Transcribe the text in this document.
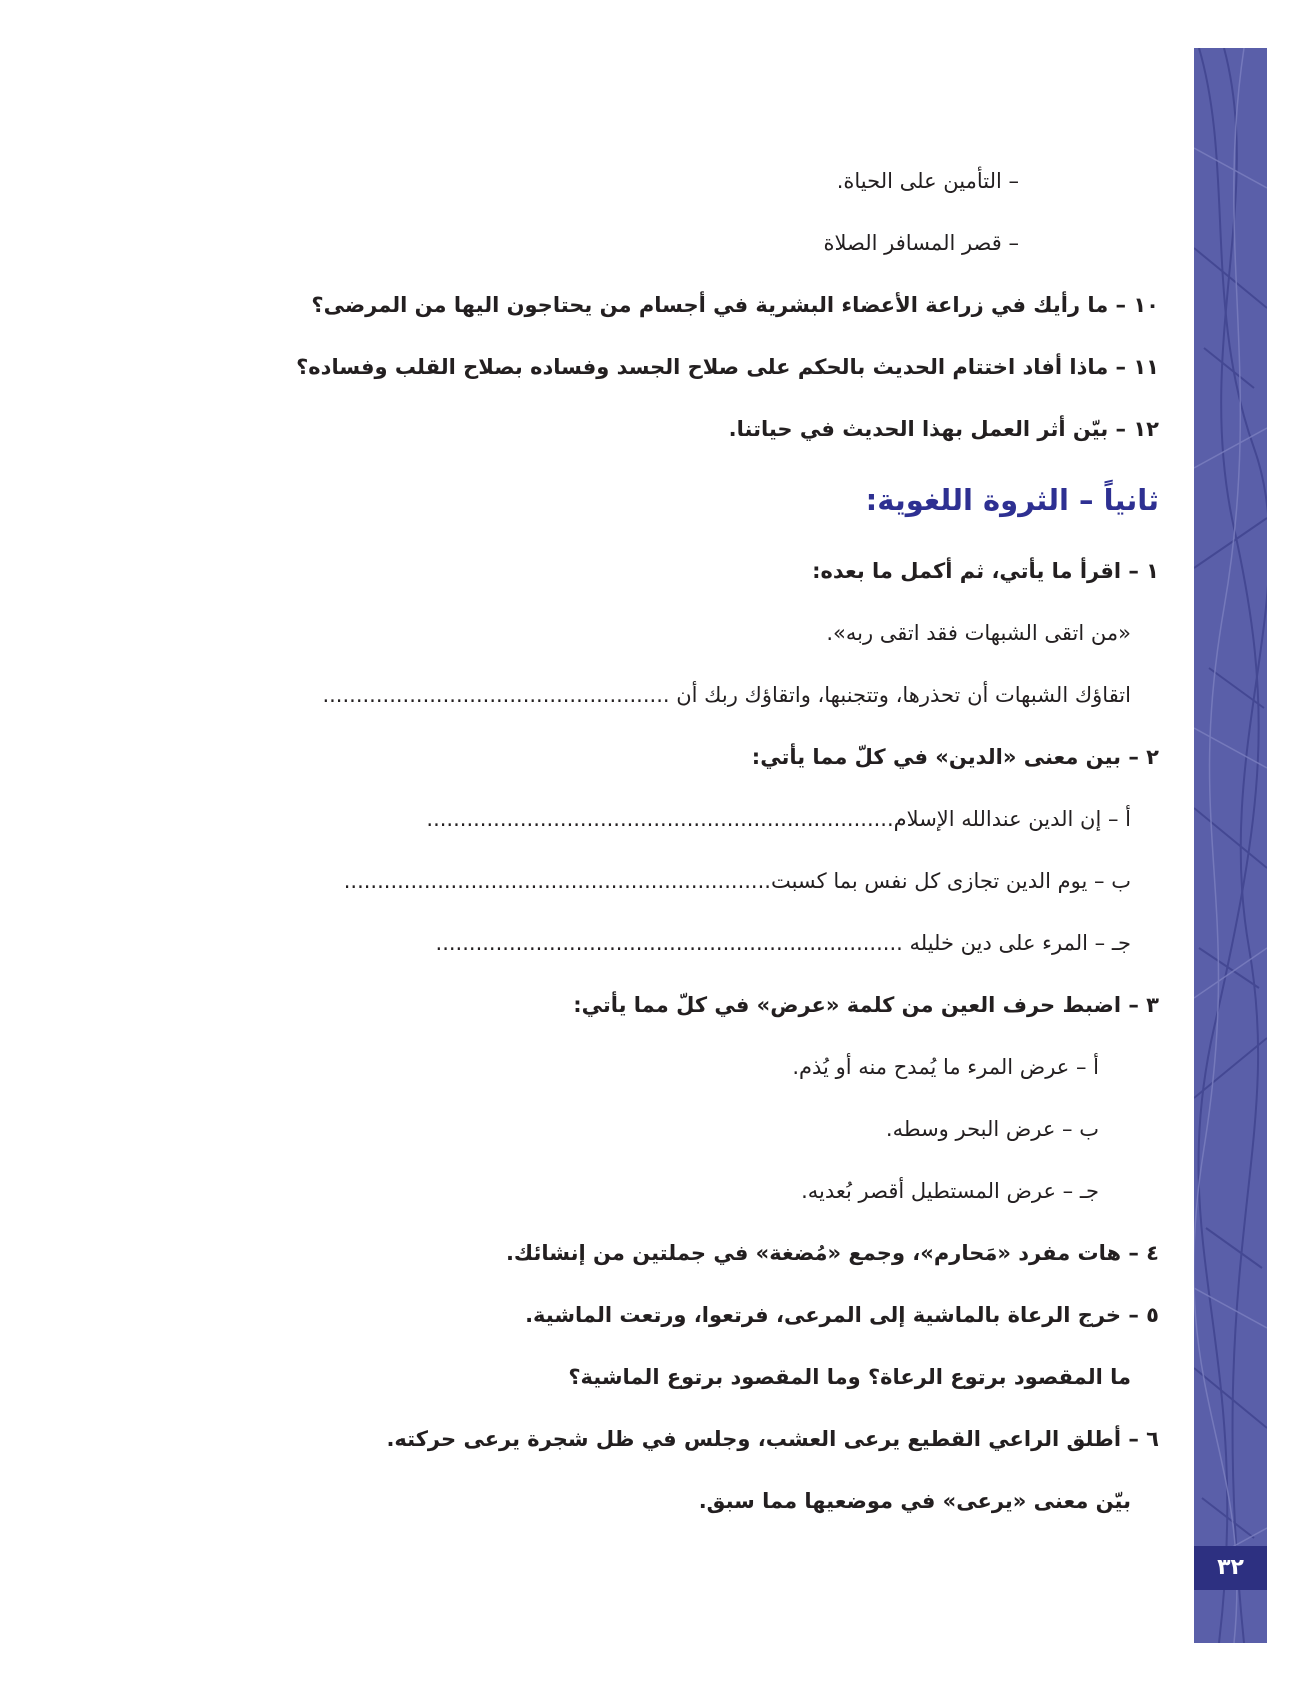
٣٢
– التأمين على الحياة.
– قصر المسافر الصلاة
١٠ – ما رأيك في زراعة الأعضاء البشرية في أجسام من يحتاجون اليها من المرضى؟
١١ – ماذا أفاد اختتام الحديث بالحكم على صلاح الجسد وفساده بصلاح القلب وفساده؟
١٢ – بيّن أثر العمل بهذا الحديث في حياتنا.
ثانياً – الثروة اللغوية:
١ – اقرأ ما يأتي، ثم أكمل ما بعده:
«من اتقى الشبهات فقد اتقى ربه».
اتقاؤك الشبهات أن تحذرها، وتتجنبها، واتقاؤك ربك أن ....................................................
٢ – بين معنى «الدين» في كلّ مما يأتي:
أ – إن الدين عندالله الإسلام......................................................................
ب – يوم الدين تجازى كل نفس بما كسبت................................................................
جـ – المرء على دين خليله ......................................................................
٣ – اضبط حرف العين من كلمة «عرض» في كلّ مما يأتي:
أ – عرض المرء ما يُمدح منه أو يُذم.
ب – عرض البحر وسطه.
جـ – عرض المستطيل أقصر بُعديه.
٤ – هات مفرد «مَحارم»، وجمع «مُضغة» في جملتين من إنشائك.
٥ – خرج الرعاة بالماشية إلى المرعى، فرتعوا، ورتعت الماشية.
ما المقصود برتوع الرعاة؟ وما المقصود برتوع الماشية؟
٦ – أطلق الراعي القطيع يرعى العشب، وجلس في ظل شجرة يرعى حركته.
بيّن معنى «يرعى» في موضعيها مما سبق.
